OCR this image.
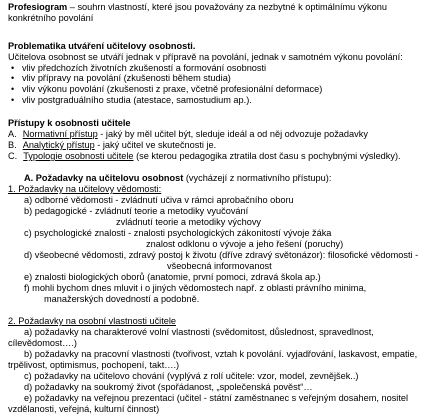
Profesiogram – souhrn vlastností, které jsou považovány za nezbytné k optimálnímu výkonu
konkrétního povolání
Problematika utváření učitelovy osobnosti.
Učitelova osobnost se utváří jednak v přípravě na povolání, jednak v samotném výkonu povolání:
• vliv předchozích životních zkušeností a formování osobnosti
• vliv přípravy na povolání (zkušenosti během studia)
• vliv výkonu povolání (zkušenosti z praxe, včetně profesionální deformace)
• vliv postgraduálního studia (atestace, samostudium ap.).
Přístupy k osobnosti učitele
A. Normativní přístup - jaký by měl učitel být, sleduje ideál a od něj odvozuje požadavky
B. Analytický přístup - jaký učitel ve skutečnosti je.
C. Typologie osobnosti učitele (se kterou pedagogika ztratila dost času s pochybnými výsledky).
A. Požadavky na učitelovu osobnost (vycházejí z normativního přístupu):
1. Požadavky na učitelovy vědomosti:
a) odborné vědomosti - zvládnutí učiva v rámci aprobačního oboru
b) pedagogické - zvládnutí teorie a metodiky vyučování
zvládnutí teorie a metodiky výchovy
c) psychologické znalosti - znalosti psychologických zákonitostí vývoje žáka
znalost odklonu o vývoje a jeho řešení (poruchy)
d) všeobecné vědomosti, zdravý postoj k životu (dříve zdravý světonázor): filosofické vědomosti -
všeobecná informovanost
e) znalosti biologických oborů (anatomie, první pomoci, zdravá škola ap.)
f) mohli bychom dnes mluvit i o jiných vědomostech např. z oblasti právního minima,
manažerských dovedností a podobně.
2. Požadavky na osobní vlastnosti učitele
a) požadavky na charakterové volní vlastnosti (svědomitost, důslednost, spravedlnost,
cílevědomost….)
b) požadavky na pracovní vlastnosti (tvořivost, vztah k povolání. vyjadřování, laskavost, empatie,
trpělivost, optimismus, pochopení, takt….)
c) požadavky na učitelovo chování (vyplývá z rolí učitele: vzor, model, zevnějšek..)
d) požadavky na soukromý život (spořádanost, „společenská pověst“…
e) požadavky na veřejnou prezentaci (učitel - státní zaměstnanec s veřejným dosahem, nositel
vzdělanosti, veřejná, kulturní činnost)
